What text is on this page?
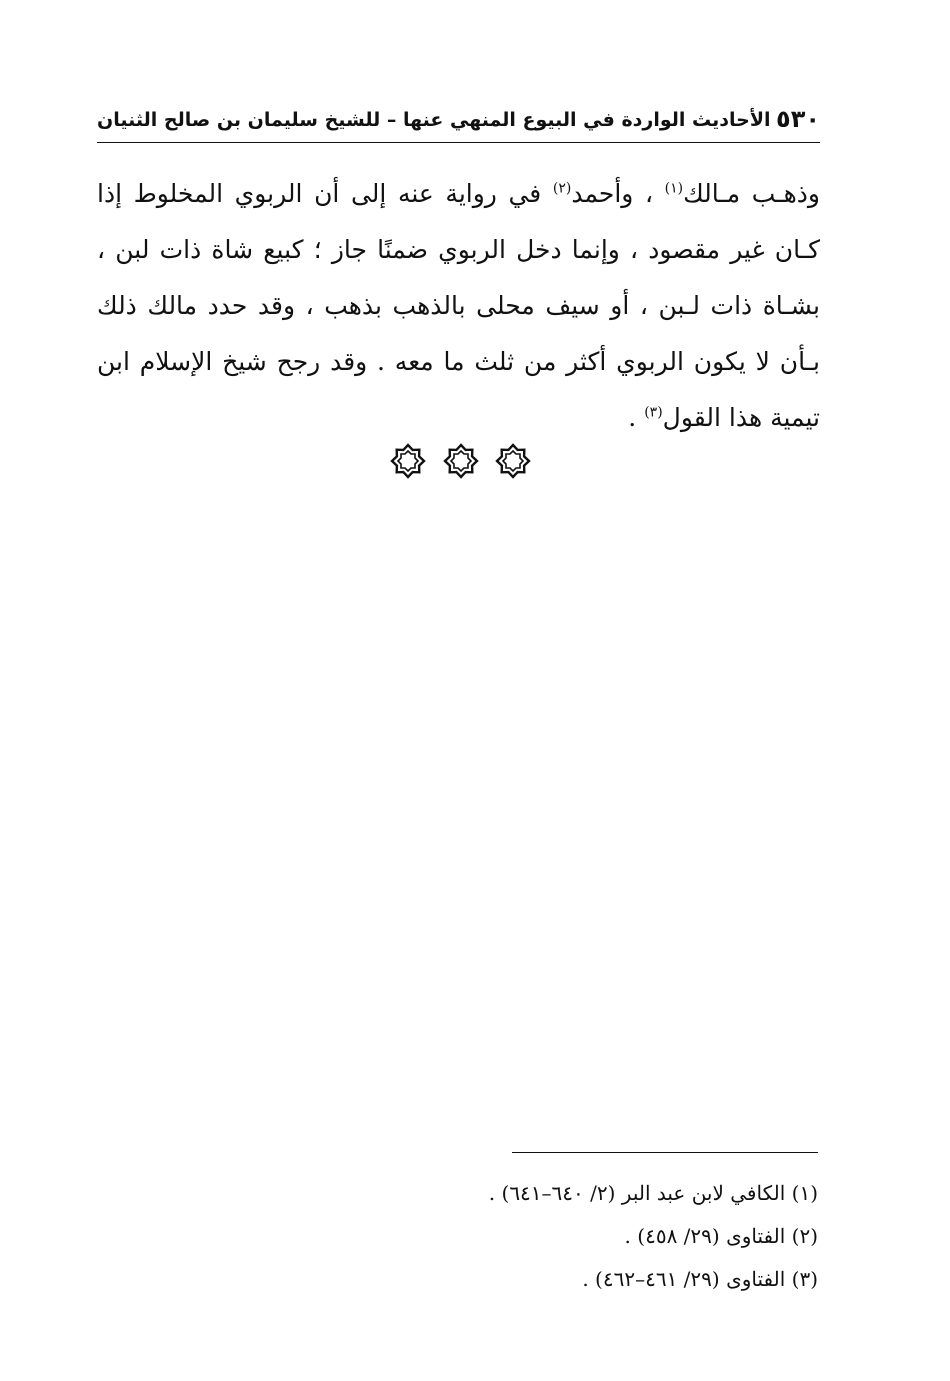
٥٣٠
الأحاديث الواردة في البيوع المنهي عنها – للشيخ سليمان بن صالح الثنيان
وذهـب مـالك$^{(١)}$ ، وأحمد$^{(٢)}$ في رواية عنه إلى أن الربوي المخلوط إذا
كـان غير مقصود ، وإنما دخل الربوي ضمنًا جاز ؛ كبيع شاة ذات لبن ،
بشـاة ذات لـبن ، أو سيف محلى بالذهب بذهب ، وقد حدد مالك ذلك
بـأن لا يكون الربوي أكثر من ثلث ما معه . وقد رجح شيخ الإسلام ابن
تيمية هذا القول$^{(٣)}$ .
(١) الكافي لابن عبد البر (٢/ ٦٤٠–٦٤١) .
(٢) الفتاوى (٢٩/ ٤٥٨) .
(٣) الفتاوى (٢٩/ ٤٦١–٤٦٢) .
